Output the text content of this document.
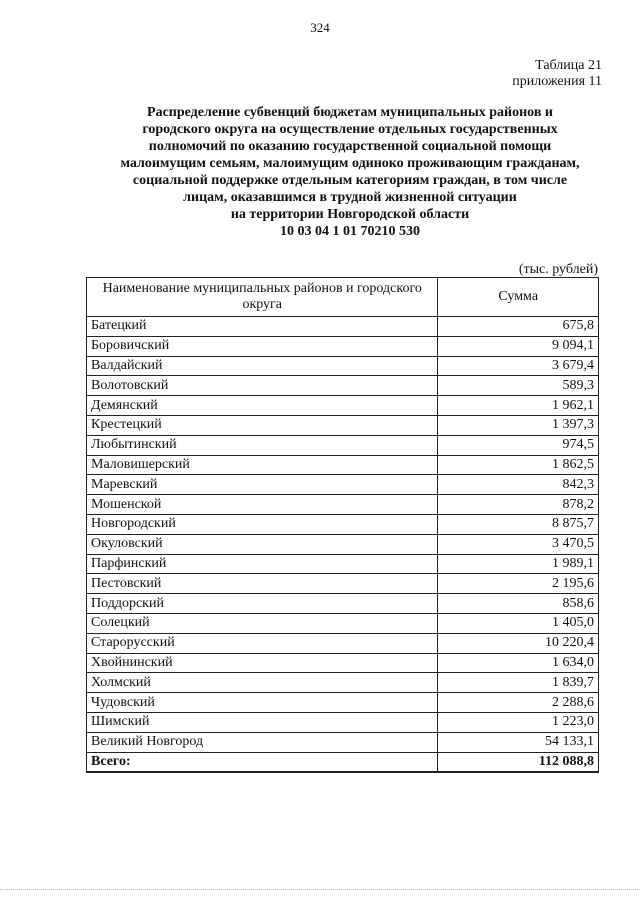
324
Таблица 21
приложения 11
Распределение субвенций бюджетам муниципальных районов и
городского округа на осуществление отдельных государственных
полномочий по оказанию государственной социальной помощи
малоимущим семьям, малоимущим одиноко проживающим гражданам,
социальной поддержке отдельным категориям граждан, в том числе
лицам, оказавшимся в трудной жизненной ситуации
на территории Новгородской области
10 03 04 1 01 70210 530
(тыс. рублей)
Наименование муниципальных районов и городского округа	Сумма
Батецкий	675,8
Боровичский	9 094,1
Валдайский	3 679,4
Волотовский	589,3
Демянский	1 962,1
Крестецкий	1 397,3
Любытинский	974,5
Маловишерский	1 862,5
Маревский	842,3
Мошенской	878,2
Новгородский	8 875,7
Окуловский	3 470,5
Парфинский	1 989,1
Пестовский	2 195,6
Поддорский	858,6
Солецкий	1 405,0
Старорусский	10 220,4
Хвойнинский	1 634,0
Холмский	1 839,7
Чудовский	2 288,6
Шимский	1 223,0
Великий Новгород	54 133,1
Всего:	112 088,8
